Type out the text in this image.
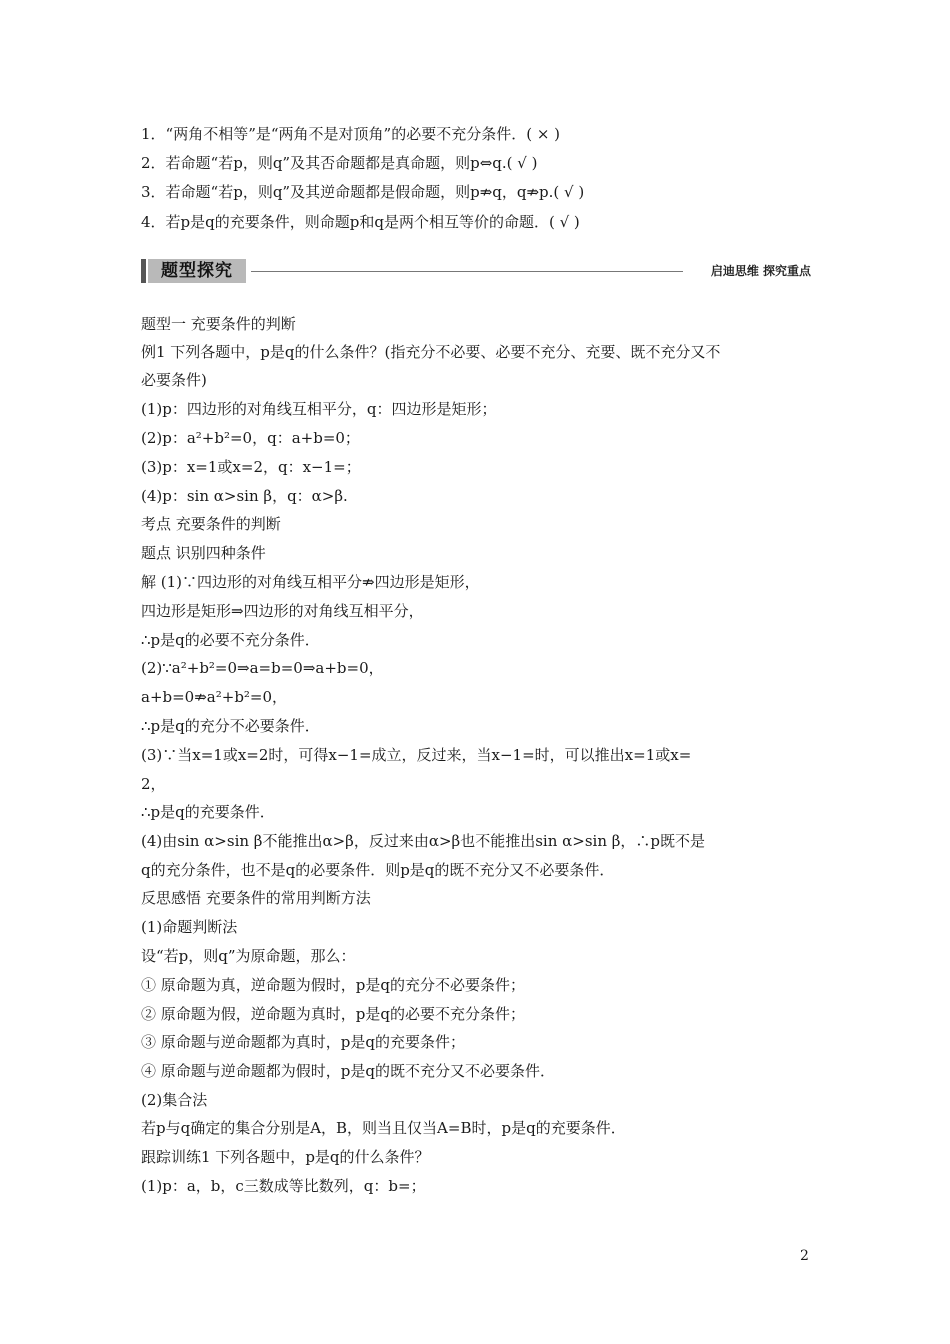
1．“两角不相等”是“两角不是对顶角”的必要不充分条件．( × )
2．若命题“若p，则q”及其否命题都是真命题，则p⇔q.( √ )
3．若命题“若p，则q”及其逆命题都是假命题，则p⇏q，q⇏p.( √ )
4．若p是q的充要条件，则命题p和q是两个相互等价的命题．( √ )
题型探究	启迪思维 探究重点
题型一 充要条件的判断
例1 下列各题中，p是q的什么条件？(指充分不必要、必要不充分、充要、既不充分又不
必要条件)
(1)p：四边形的对角线互相平分，q：四边形是矩形；
(2)p：a²+b²=0，q：a+b=0；
(3)p：x=1或x=2，q：x−1=；
(4)p：sin α>sin β，q：α>β.
考点 充要条件的判断
题点 识别四种条件
解 (1)∵四边形的对角线互相平分⇏四边形是矩形，
四边形是矩形⇒四边形的对角线互相平分，
∴p是q的必要不充分条件．
(2)∵a²+b²=0⇒a=b=0⇒a+b=0，
a+b=0⇏a²+b²=0，
∴p是q的充分不必要条件．
(3)∵当x=1或x=2时，可得x−1=成立，反过来，当x−1=时，可以推出x=1或x=
2，
∴p是q的充要条件．
(4)由sin α>sin β不能推出α>β，反过来由α>β也不能推出sin α>sin β，∴p既不是
q的充分条件，也不是q的必要条件．则p是q的既不充分又不必要条件．
反思感悟 充要条件的常用判断方法
(1)命题判断法
设“若p，则q”为原命题，那么：
① 原命题为真，逆命题为假时，p是q的充分不必要条件；
② 原命题为假，逆命题为真时，p是q的必要不充分条件；
③ 原命题与逆命题都为真时，p是q的充要条件；
④ 原命题与逆命题都为假时，p是q的既不充分又不必要条件．
(2)集合法
若p与q确定的集合分别是A，B，则当且仅当A=B时，p是q的充要条件．
跟踪训练1 下列各题中，p是q的什么条件？
(1)p：a，b，c三数成等比数列，q：b=；
2
